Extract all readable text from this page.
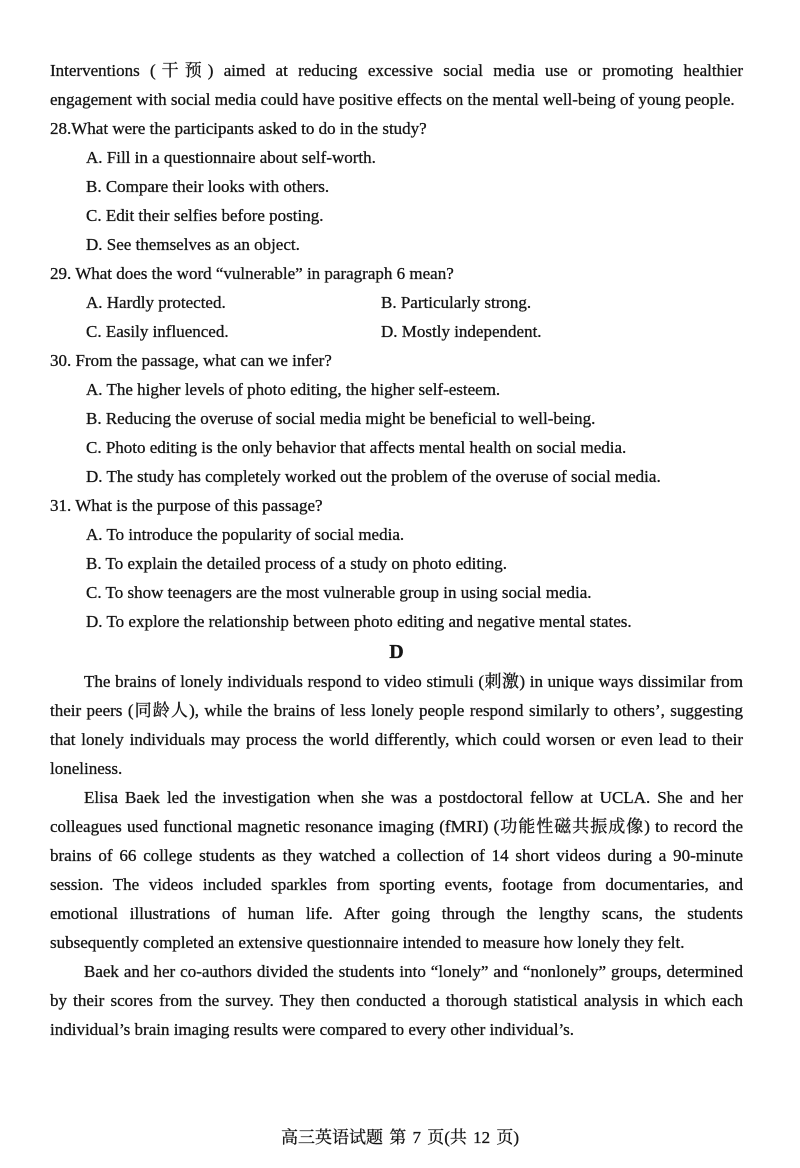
Interventions (干预) aimed at reducing excessive social media use or promoting healthier engagement with social media could have positive effects on the mental well-being of young people.

28.What were the participants asked to do in the study?

A. Fill in a questionnaire about self-worth.

B. Compare their looks with others.

C. Edit their selfies before posting.

D. See themselves as an object.

29. What does the word “vulnerable” in paragraph 6 mean?

A. Hardly protected.	B. Particularly strong.

C. Easily influenced.	D. Mostly independent.

30. From the passage, what can we infer?

A. The higher levels of photo editing, the higher self-esteem.

B. Reducing the overuse of social media might be beneficial to well-being.

C. Photo editing is the only behavior that affects mental health on social media.

D. The study has completely worked out the problem of the overuse of social media.

31. What is the purpose of this passage?

A. To introduce the popularity of social media.

B. To explain the detailed process of a study on photo editing.

C. To show teenagers are the most vulnerable group in using social media.

D. To explore the relationship between photo editing and negative mental states.

D

The brains of lonely individuals respond to video stimuli (刺激) in unique ways dissimilar from their peers (同龄人), while the brains of less lonely people respond similarly to others’, suggesting that lonely individuals may process the world differently, which could worsen or even lead to their loneliness.

Elisa Baek led the investigation when she was a postdoctoral fellow at UCLA. She and her colleagues used functional magnetic resonance imaging (fMRI) (功能性磁共振成像) to record the brains of 66 college students as they watched a collection of 14 short videos during a 90-minute session. The videos included sparkles from sporting events, footage from documentaries, and emotional illustrations of human life. After going through the lengthy scans, the students subsequently completed an extensive questionnaire intended to measure how lonely they felt.

Baek and her co-authors divided the students into “lonely” and “nonlonely” groups, determined by their scores from the survey. They then conducted a thorough statistical analysis in which each individual’s brain imaging results were compared to every other individual’s.

高三英语试题 第 7 页(共 12 页)
